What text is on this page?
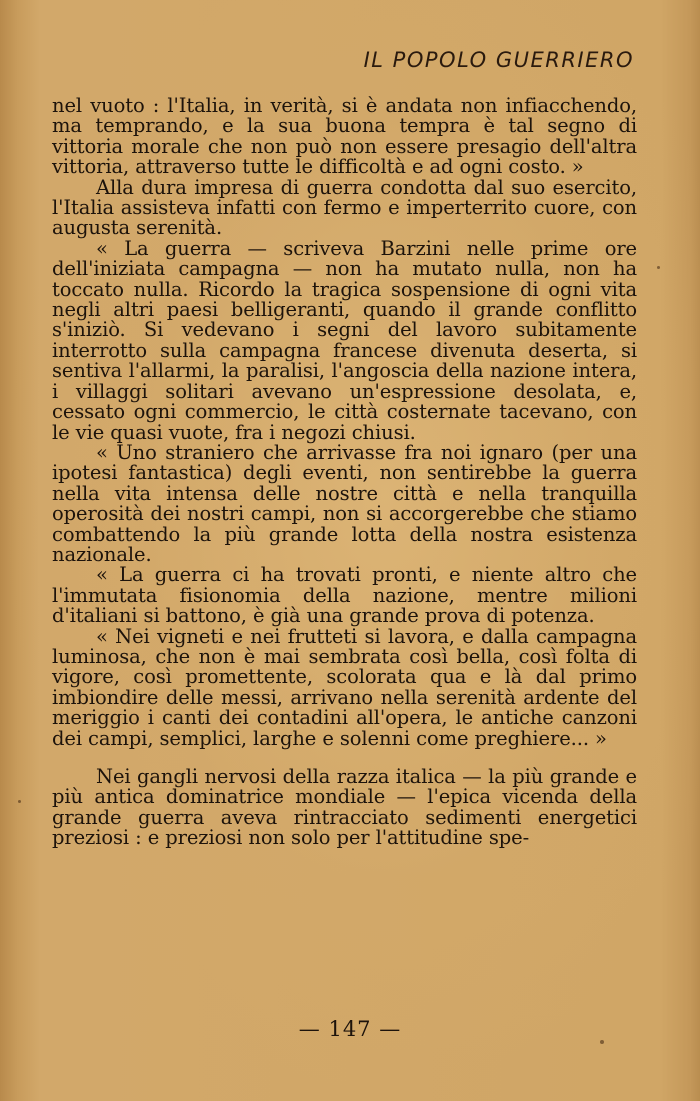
IL POPOLO GUERRIERO

nel vuoto : l'Italia, in verità, si è andata non infiacchendo, ma temprando, e la sua buona tempra è tal segno di vittoria morale che non può non essere presagio dell'altra vittoria, attraverso tutte le difficoltà e ad ogni costo. »

Alla dura impresa di guerra condotta dal suo esercito, l'Italia assisteva infatti con fermo e imperterrito cuore, con augusta serenità.

« La guerra — scriveva Barzini nelle prime ore dell'iniziata campagna — non ha mutato nulla, non ha toccato nulla. Ricordo la tragica sospensione di ogni vita negli altri paesi belligeranti, quando il grande conflitto s'iniziò. Si vedevano i segni del lavoro subitamente interrotto sulla campagna francese divenuta deserta, si sentiva l'allarmi, la paralisi, l'angoscia della nazione intera, i villaggi solitari avevano un'espressione desolata, e, cessato ogni commercio, le città costernate tacevano, con le vie quasi vuote, fra i negozi chiusi.

« Uno straniero che arrivasse fra noi ignaro (per una ipotesi fantastica) degli eventi, non sentirebbe la guerra nella vita intensa delle nostre città e nella tranquilla operosità dei nostri campi, non si accorgerebbe che stiamo combattendo la più grande lotta della nostra esistenza nazionale.

« La guerra ci ha trovati pronti, e niente altro che l'immutata fisionomia della nazione, mentre milioni d'italiani si battono, è già una grande prova di potenza.

« Nei vigneti e nei frutteti si lavora, e dalla campagna luminosa, che non è mai sembrata così bella, così folta di vigore, così promettente, scolorata qua e là dal primo imbiondire delle messi, arrivano nella serenità ardente del meriggio i canti dei contadini all'opera, le antiche canzoni dei campi, semplici, larghe e solenni come preghiere... »

Nei gangli nervosi della razza italica — la più grande e più antica dominatrice mondiale — l'epica vicenda della grande guerra aveva rintracciato sedimenti energetici preziosi : e preziosi non solo per l'attitudine spe-

— 147 —
